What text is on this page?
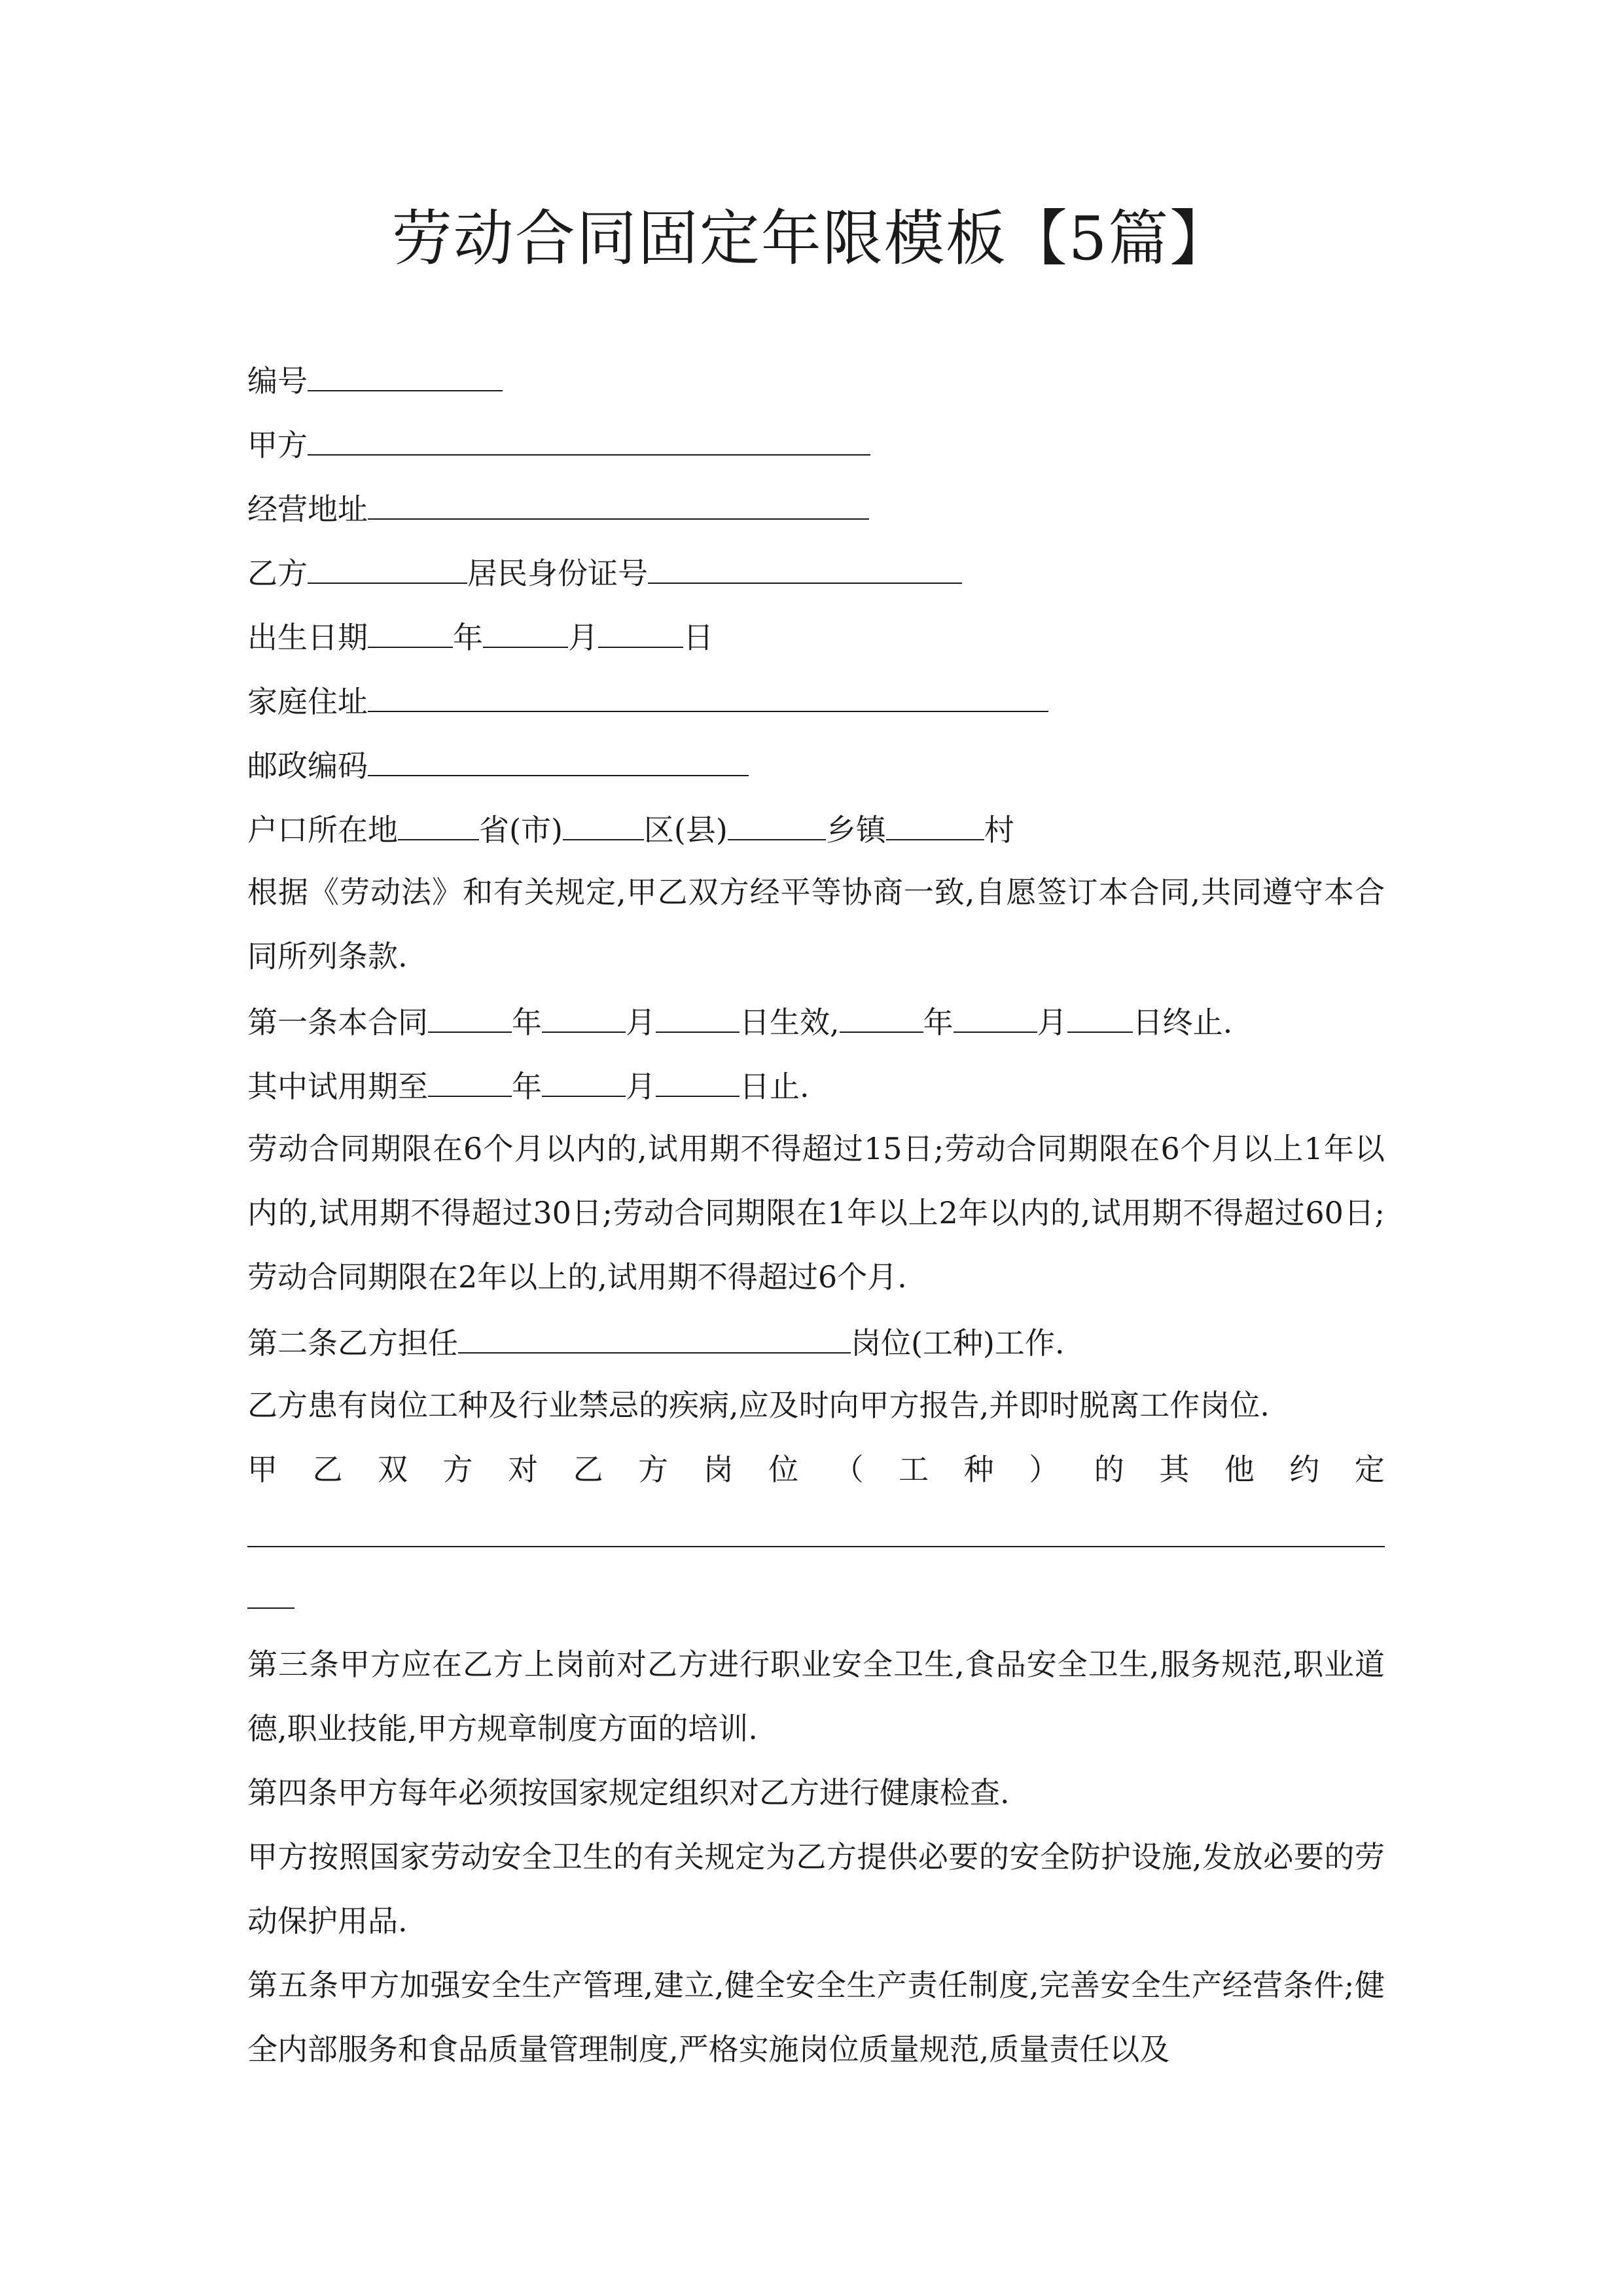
劳动合同固定年限模板【5篇】
编号
甲方
经营地址
乙方	居民身份证号
出生日期	年	月	日
家庭住址
邮政编码
户口所在地	省(市)	区(县)	乡镇	村
根据《劳动法》和有关规定,甲乙双方经平等协商一致,自愿签订本合同,共同遵守本合同所列条款.
第一条本合同	年	月	日生效,	年	月 日终止.
其中试用期至	年	月	日止.
劳动合同期限在6个月以内的,试用期不得超过15日;劳动合同期限在6个月以上1年以内的,试用期不得超过30日;劳动合同期限在1年以上2年以内的,试用期不得超过60日;劳动合同期限在2年以上的,试用期不得超过6个月.
第二条乙方担任	岗位(工种)工作.
乙方患有岗位工种及行业禁忌的疾病,应及时向甲方报告,并即时脱离工作岗位.
甲 乙 双 方 对 乙 方 岗 位 （ 工 种 ） 的 其 他 约 定
第三条甲方应在乙方上岗前对乙方进行职业安全卫生,食品安全卫生,服务规范,职业道德,职业技能,甲方规章制度方面的培训.
第四条甲方每年必须按国家规定组织对乙方进行健康检查.
甲方按照国家劳动安全卫生的有关规定为乙方提供必要的安全防护设施,发放必要的劳动保护用品.
第五条甲方加强安全生产管理,建立,健全安全生产责任制度,完善安全生产经营条件;健全内部服务和食品质量管理制度,严格实施岗位质量规范,质量责任以及
